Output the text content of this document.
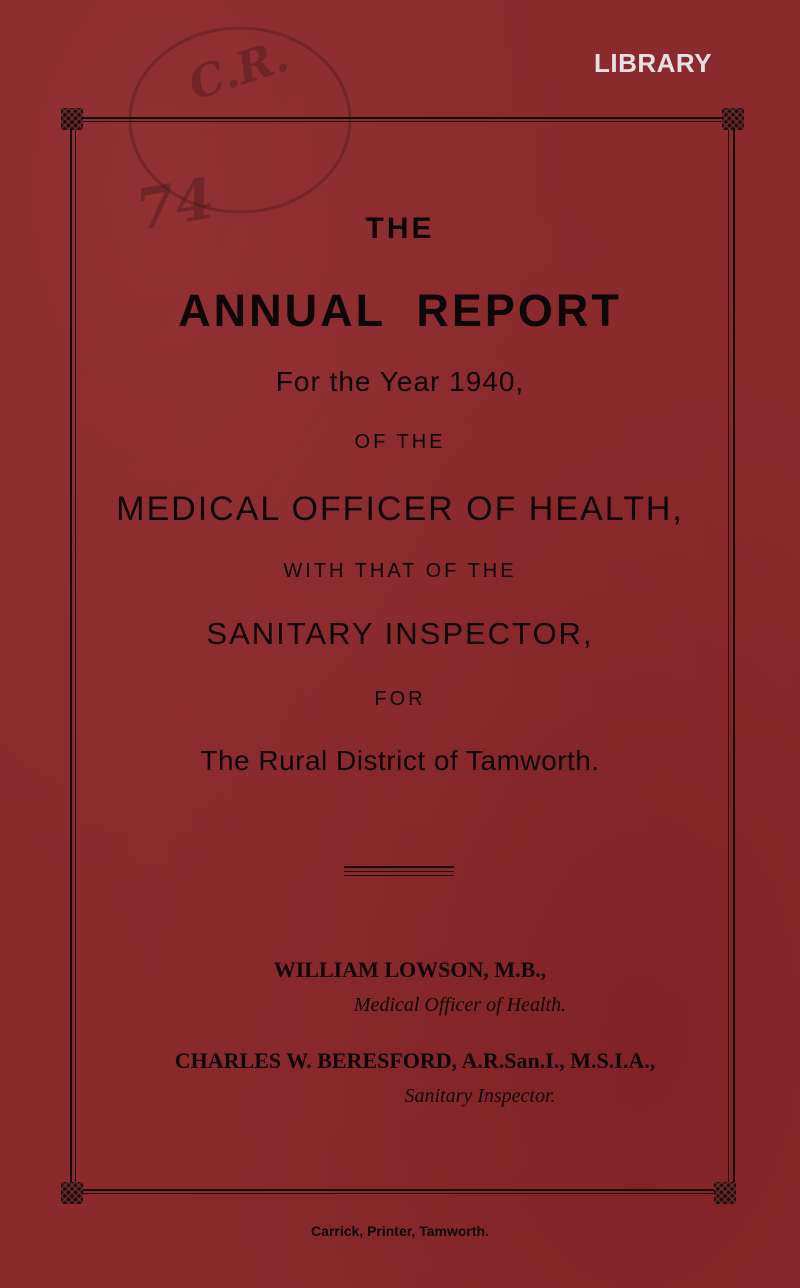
C.R.
74
LIBRARY
THE
ANNUAL  REPORT
For the Year 1940,
OF THE
MEDICAL OFFICER OF HEALTH,
WITH THAT OF THE
SANITARY INSPECTOR,
FOR
The Rural District of Tamworth.
WILLIAM LOWSON, M.B.,
Medical Officer of Health.
CHARLES W. BERESFORD, A.R.San.I., M.S.I.A.,
Sanitary Inspector.
Carrick, Printer, Tamworth.
